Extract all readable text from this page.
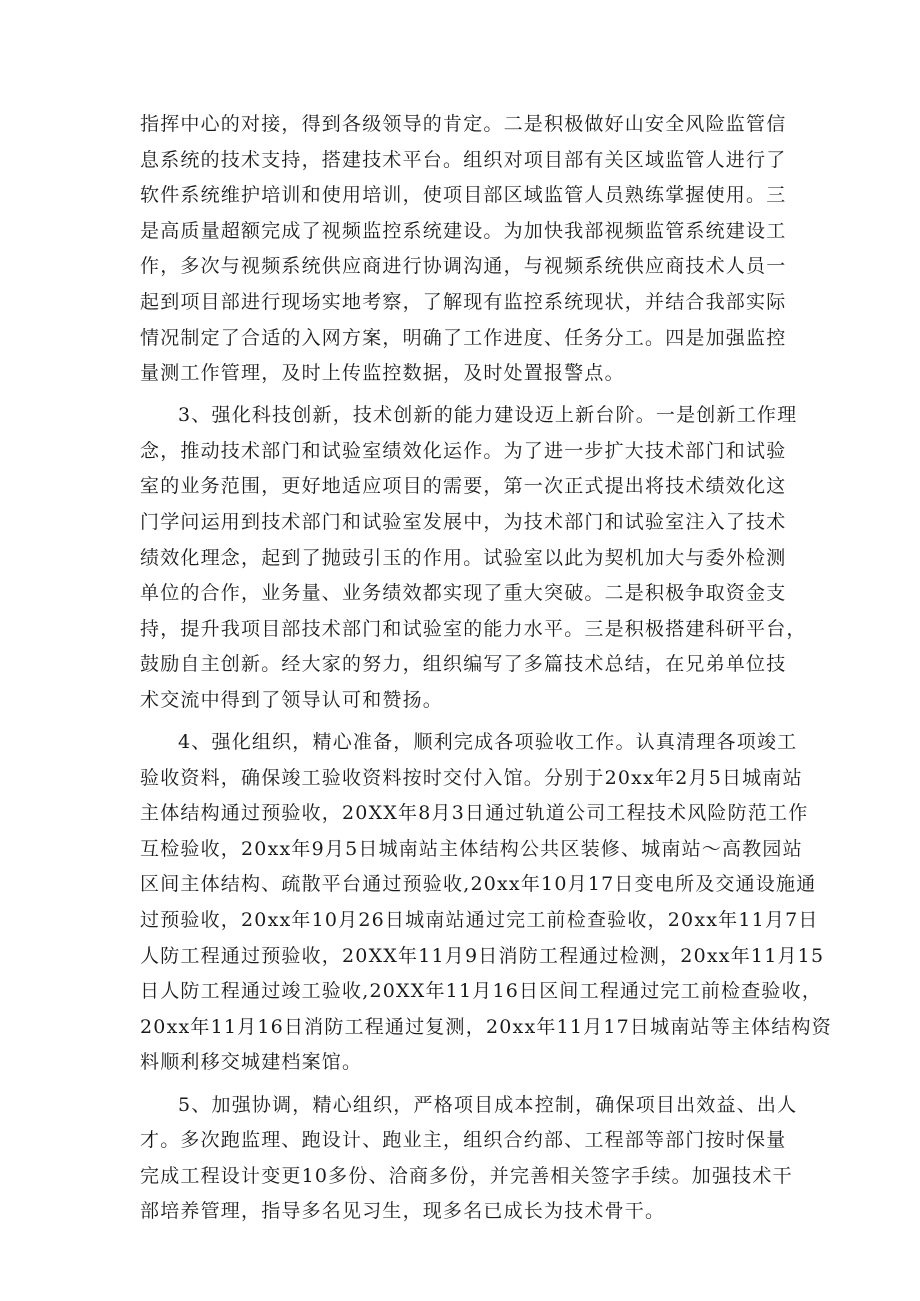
指挥中心的对接，得到各级领导的肯定。二是积极做好山安全风险监管信
息系统的技术支持，搭建技术平台。组织对项目部有关区域监管人进行了
软件系统维护培训和使用培训，使项目部区域监管人员熟练掌握使用。三
是高质量超额完成了视频监控系统建设。为加快我部视频监管系统建设工
作，多次与视频系统供应商进行协调沟通，与视频系统供应商技术人员一
起到项目部进行现场实地考察，了解现有监控系统现状，并结合我部实际
情况制定了合适的入网方案，明确了工作进度、任务分工。四是加强监控
量测工作管理，及时上传监控数据，及时处置报警点。
3、强化科技创新，技术创新的能力建设迈上新台阶。一是创新工作理
念，推动技术部门和试验室绩效化运作。为了进一步扩大技术部门和试验
室的业务范围，更好地适应项目的需要，第一次正式提出将技术绩效化这
门学问运用到技术部门和试验室发展中，为技术部门和试验室注入了技术
绩效化理念，起到了抛豉引玉的作用。试验室以此为契机加大与委外检测
单位的合作，业务量、业务绩效都实现了重大突破。二是积极争取资金支
持，提升我项目部技术部门和试验室的能力水平。三是积极搭建科研平台，
鼓励自主创新。经大家的努力，组织编写了多篇技术总结，在兄弟单位技
术交流中得到了领导认可和赞扬。
4、强化组织，精心准备，顺利完成各项验收工作。认真清理各项竣工
验收资料，确保竣工验收资料按时交付入馆。分别于20xx年2月5日城南站
主体结构通过预验收，20XX年8月3日通过轨道公司工程技术风险防范工作
互检验收，20xx年9月5日城南站主体结构公共区装修、城南站～高教园站
区间主体结构、疏散平台通过预验收,20xx年10月17日变电所及交通设施通
过预验收，20xx年10月26日城南站通过完工前检查验收，20xx年11月7日
人防工程通过预验收，20XX年11月9日消防工程通过检测，20xx年11月15
日人防工程通过竣工验收,20XX年11月16日区间工程通过完工前检查验收，
20xx年11月16日消防工程通过复测，20xx年11月17日城南站等主体结构资
料顺利移交城建档案馆。
5、加强协调，精心组织，严格项目成本控制，确保项目出效益、出人
才。多次跑监理、跑设计、跑业主，组织合约部、工程部等部门按时保量
完成工程设计变更10多份、洽商多份，并完善相关签字手续。加强技术干
部培养管理，指导多名见习生，现多名已成长为技术骨干。
